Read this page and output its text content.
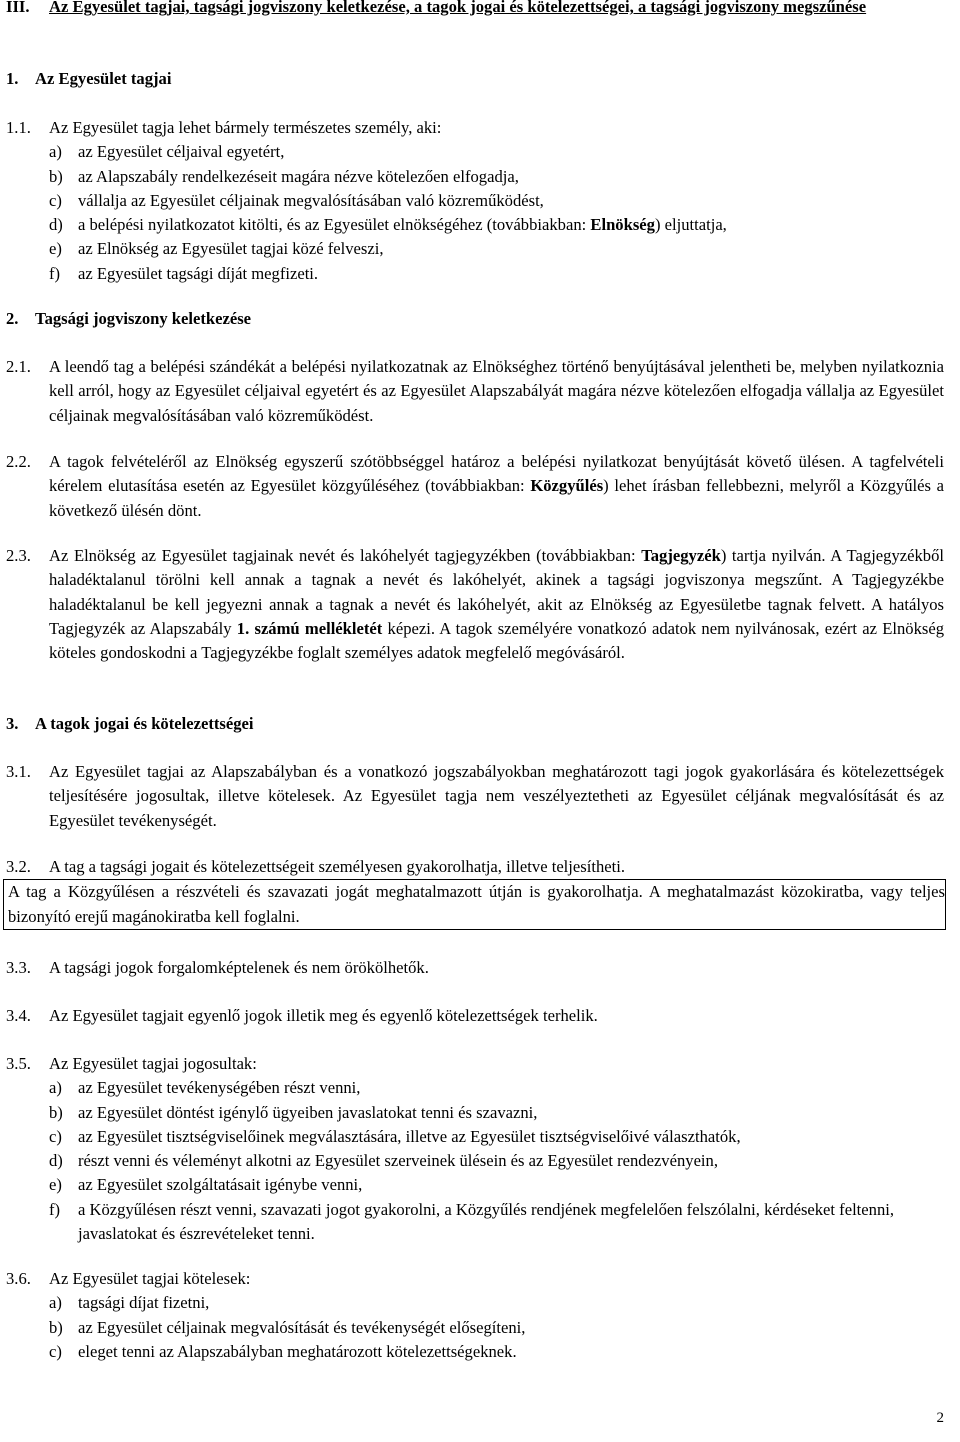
III. Az Egyesület tagjai, tagsági jogviszony keletkezése, a tagok jogai és kötelezettségei, a tagsági jogviszony megszűnése
1. Az Egyesület tagjai
1.1. Az Egyesület tagja lehet bármely természetes személy, aki:
a) az Egyesület céljaival egyetért,
b) az Alapszabály rendelkezéseit magára nézve kötelezően elfogadja,
c) vállalja az Egyesület céljainak megvalósításában való közreműködést,
d) a belépési nyilatkozatot kitölti, és az Egyesület elnökségéhez (továbbiakban: Elnökség) eljuttatja,
e) az Elnökség az Egyesület tagjai közé felveszi,
f) az Egyesület tagsági díját megfizeti.
2. Tagsági jogviszony keletkezése
2.1. A leendő tag a belépési szándékát a belépési nyilatkozatnak az Elnökséghez történő benyújtásával jelentheti be, melyben nyilatkoznia kell arról, hogy az Egyesület céljaival egyetért és az Egyesület Alapszabályát magára nézve kötelezően elfogadja vállalja az Egyesület céljainak megvalósításában való közreműködést.
2.2. A tagok felvételéről az Elnökség egyszerű szótöbbséggel határoz a belépési nyilatkozat benyújtását követő ülésen. A tagfelvételi kérelem elutasítása esetén az Egyesület közgyűléséhez (továbbiakban: Közgyűlés) lehet írásban fellebbezni, melyről a Közgyűlés a következő ülésén dönt.
2.3. Az Elnökség az Egyesület tagjainak nevét és lakóhelyét tagjegyzékben (továbbiakban: Tagjegyzék) tartja nyilván. A Tagjegyzékből haladéktalanul törölni kell annak a tagnak a nevét és lakóhelyét, akinek a tagsági jogviszonya megszűnt. A Tagjegyzékbe haladéktalanul be kell jegyezni annak a tagnak a nevét és lakóhelyét, akit az Elnökség az Egyesületbe tagnak felvett. A hatályos Tagjegyzék az Alapszabály 1. számú mellékletét képezi. A tagok személyére vonatkozó adatok nem nyilvánosak, ezért az Elnökség köteles gondoskodni a Tagjegyzékbe foglalt személyes adatok megfelelő megóvásáról.
3. A tagok jogai és kötelezettségei
3.1. Az Egyesület tagjai az Alapszabályban és a vonatkozó jogszabályokban meghatározott tagi jogok gyakorlására és kötelezettségek teljesítésére jogosultak, illetve kötelesek. Az Egyesület tagja nem veszélyeztetheti az Egyesület céljának megvalósítását és az Egyesület tevékenységét.
3.2. A tag a tagsági jogait és kötelezettségeit személyesen gyakorolhatja, illetve teljesítheti.
A tag a Közgyűlésen a részvételi és szavazati jogát meghatalmazott útján is gyakorolhatja. A meghatalmazást közokiratba, vagy teljes bizonyító erejű magánokiratba kell foglalni.
3.3. A tagsági jogok forgalomképtelenek és nem örökölhetők.
3.4. Az Egyesület tagjait egyenlő jogok illetik meg és egyenlő kötelezettségek terhelik.
3.5. Az Egyesület tagjai jogosultak:
a) az Egyesület tevékenységében részt venni,
b) az Egyesület döntést igénylő ügyeiben javaslatokat tenni és szavazni,
c) az Egyesület tisztségviselőinek megválasztására, illetve az Egyesület tisztségviselőivé választhatók,
d) részt venni és véleményt alkotni az Egyesület szerveinek ülésein és az Egyesület rendezvényein,
e) az Egyesület szolgáltatásait igénybe venni,
f) a Közgyűlésen részt venni, szavazati jogot gyakorolni, a Közgyűlés rendjének megfelelően felszólalni, kérdéseket feltenni, javaslatokat és észrevételeket tenni.
3.6. Az Egyesület tagjai kötelesek:
a) tagsági díjat fizetni,
b) az Egyesület céljainak megvalósítását és tevékenységét elősegíteni,
c) eleget tenni az Alapszabályban meghatározott kötelezettségeknek.
2
